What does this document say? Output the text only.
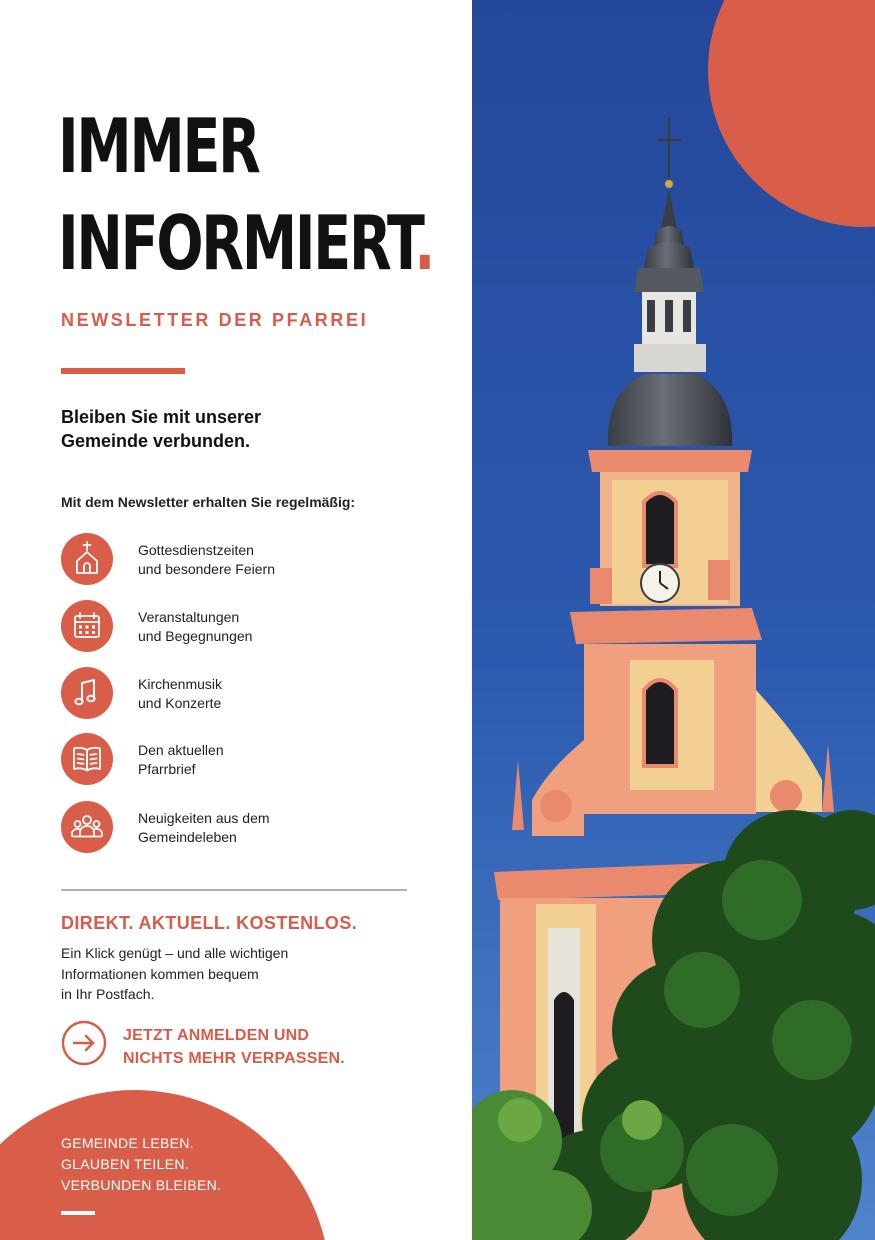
IMMER
INFORMIERT.

NEWSLETTER DER PFARREI

Bleiben Sie mit unserer
Gemeinde verbunden.

Mit dem Newsletter erhalten Sie regelmäßig:

Gottesdienstzeiten
und besondere Feiern
Veranstaltungen
und Begegnungen
Kirchenmusik
und Konzerte
Den aktuellen
Pfarrbrief
Neuigkeiten aus dem
Gemeindeleben

DIREKT. AKTUELL. KOSTENLOS.

Ein Klick genügt – und alle wichtigen
Informationen kommen bequem
in Ihr Postfach.

JETZT ANMELDEN UND
NICHTS MEHR VERPASSEN.

GEMEINDE LEBEN.
GLAUBEN TEILEN.
VERBUNDEN BLEIBEN.
